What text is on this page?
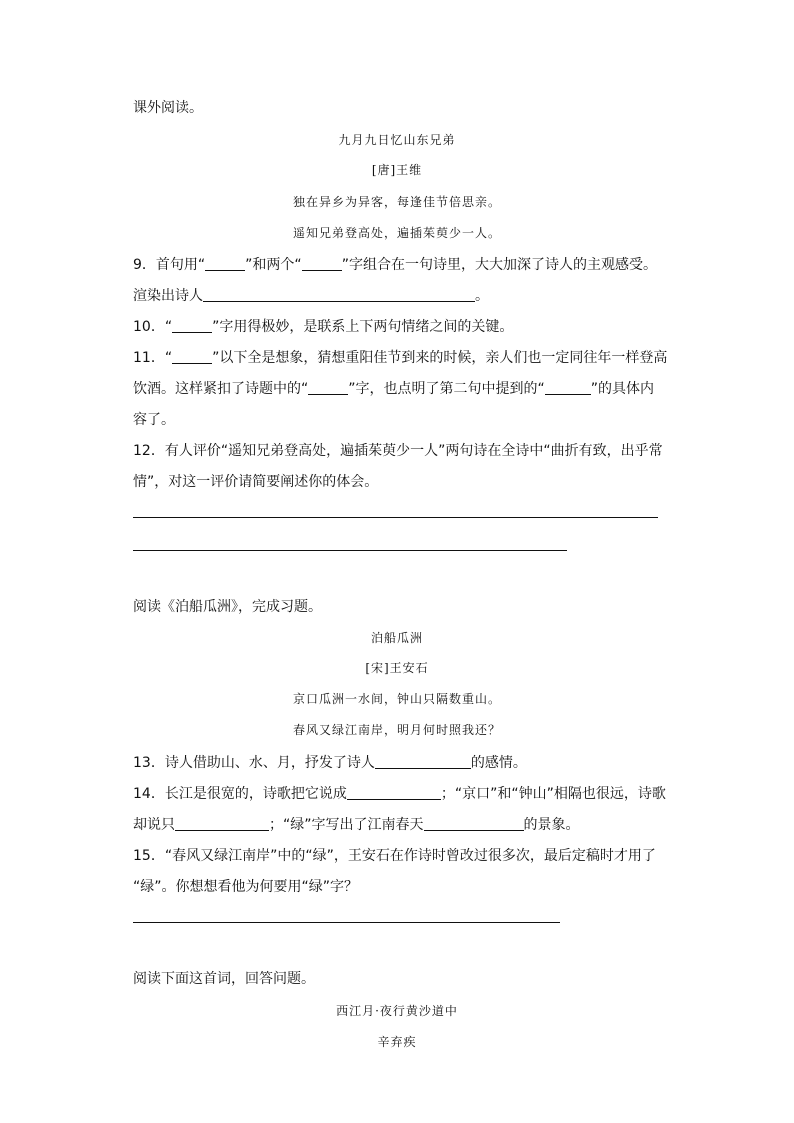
课外阅读。
九月九日忆山东兄弟
[唐]王维
独在异乡为异客，每逢佳节倍思亲。
遥知兄弟登高处，遍插茱萸少一人。
9．首句用“	”和两个“	”字组合在一句诗里，大大加深了诗人的主观感受。
渲染出诗人	。
10．“	”字用得极妙，是联系上下两句情绪之间的关键。
11．“	”以下全是想象，猜想重阳佳节到来的时候，亲人们也一定同往年一样登高
饮酒。这样紧扣了诗题中的“	”字，也点明了第二句中提到的“	”的具体内
容了。
12．有人评价“遥知兄弟登高处，遍插茱萸少一人”两句诗在全诗中“曲折有致，出乎常
情”，对这一评价请简要阐述你的体会。
阅读《泊船瓜洲》，完成习题。
泊船瓜洲
[宋]王安石
京口瓜洲一水间，钟山只隔数重山。
春风又绿江南岸，明月何时照我还？
13．诗人借助山、水、月，抒发了诗人	的感情。
14．长江是很宽的，诗歌把它说成	；“京口”和“钟山”相隔也很远，诗歌
却说只	；“绿”字写出了江南春天	的景象。
15．“春风又绿江南岸”中的“绿”，王安石在作诗时曾改过很多次，最后定稿时才用了
“绿”。你想想看他为何要用“绿”字？
阅读下面这首词，回答问题。
西江月·夜行黄沙道中
辛弃疾
